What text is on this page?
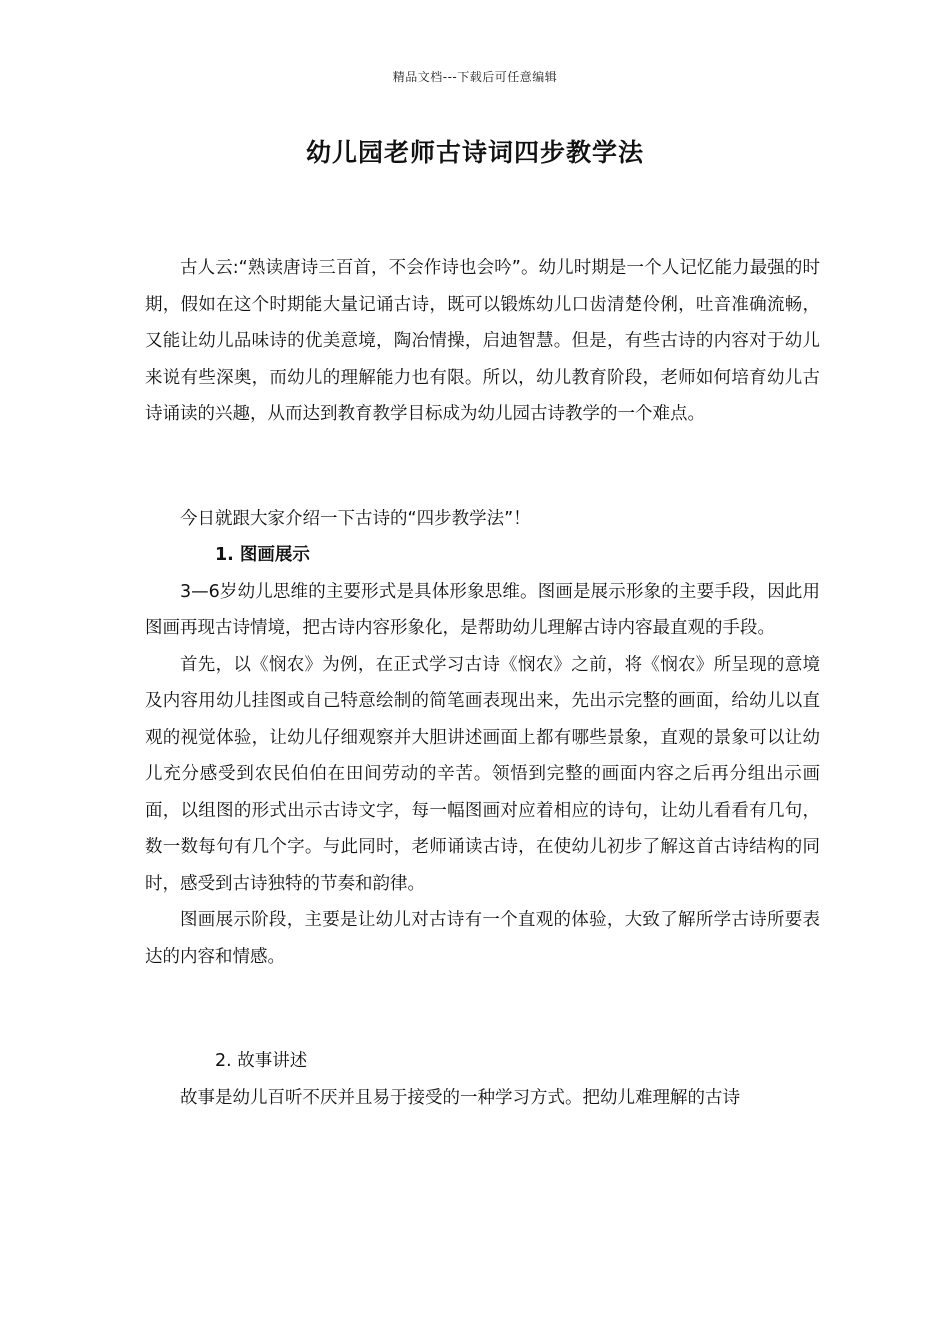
精品文档---下载后可任意编辑
幼儿园老师古诗词四步教学法

古人云:“熟读唐诗三百首，不会作诗也会吟”。幼儿时期是一个人记忆能力最强的时期，假如在这个时期能大量记诵古诗，既可以锻炼幼儿口齿清楚伶俐，吐音准确流畅，又能让幼儿品味诗的优美意境，陶冶情操，启迪智慧。但是，有些古诗的内容对于幼儿来说有些深奥，而幼儿的理解能力也有限。所以，幼儿教育阶段，老师如何培育幼儿古诗诵读的兴趣，从而达到教育教学目标成为幼儿园古诗教学的一个难点。

今日就跟大家介绍一下古诗的“四步教学法”！

1. 图画展示

3—6岁幼儿思维的主要形式是具体形象思维。图画是展示形象的主要手段，因此用图画再现古诗情境，把古诗内容形象化，是帮助幼儿理解古诗内容最直观的手段。

首先，以《悯农》为例，在正式学习古诗《悯农》之前，将《悯农》所呈现的意境及内容用幼儿挂图或自己特意绘制的简笔画表现出来，先出示完整的画面，给幼儿以直观的视觉体验，让幼儿仔细观察并大胆讲述画面上都有哪些景象，直观的景象可以让幼儿充分感受到农民伯伯在田间劳动的辛苦。领悟到完整的画面内容之后再分组出示画面，以组图的形式出示古诗文字，每一幅图画对应着相应的诗句，让幼儿看看有几句，数一数每句有几个字。与此同时，老师诵读古诗，在使幼儿初步了解这首古诗结构的同时，感受到古诗独特的节奏和韵律。

图画展示阶段，主要是让幼儿对古诗有一个直观的体验，大致了解所学古诗所要表达的内容和情感。

2. 故事讲述

故事是幼儿百听不厌并且易于接受的一种学习方式。把幼儿难理解的古诗
